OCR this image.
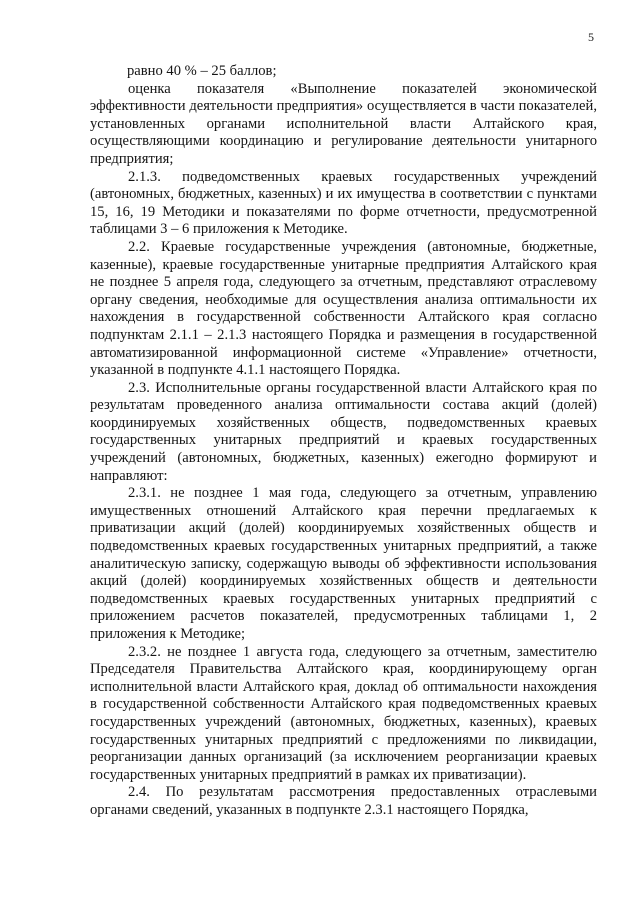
5

равно 40 % – 25 баллов;

оценка показателя «Выполнение показателей экономической эффективности деятельности предприятия» осуществляется в части показателей, установленных органами исполнительной власти Алтайского края, осуществляющими координацию и регулирование деятельности унитарного предприятия;

2.1.3. подведомственных краевых государственных учреждений (автономных, бюджетных, казенных) и их имущества в соответствии с пунктами 15, 16, 19 Методики и показателями по форме отчетности, предусмотренной таблицами 3 – 6 приложения к Методике.

2.2. Краевые государственные учреждения (автономные, бюджетные, казенные), краевые государственные унитарные предприятия Алтайского края не позднее 5 апреля года, следующего за отчетным, представляют отраслевому органу сведения, необходимые для осуществления анализа оптимальности их нахождения в государственной собственности Алтайского края согласно подпунктам 2.1.1 – 2.1.3 настоящего Порядка и размещения в государственной автоматизированной информационной системе «Управление» отчетности, указанной в подпункте 4.1.1 настоящего Порядка.

2.3. Исполнительные органы государственной власти Алтайского края по результатам проведенного анализа оптимальности состава акций (долей) координируемых хозяйственных обществ, подведомственных краевых государственных унитарных предприятий и краевых государственных учреждений (автономных, бюджетных, казенных) ежегодно формируют и направляют:

2.3.1. не позднее 1 мая года, следующего за отчетным, управлению имущественных отношений Алтайского края перечни предлагаемых к приватизации акций (долей) координируемых хозяйственных обществ и подведомственных краевых государственных унитарных предприятий, а также аналитическую записку, содержащую выводы об эффективности использования акций (долей) координируемых хозяйственных обществ и деятельности подведомственных краевых государственных унитарных предприятий с приложением расчетов показателей, предусмотренных таблицами 1, 2 приложения к Методике;

2.3.2. не позднее 1 августа года, следующего за отчетным, заместителю Председателя Правительства Алтайского края, координирующему орган исполнительной власти Алтайского края, доклад об оптимальности нахождения в государственной собственности Алтайского края подведомственных краевых государственных учреждений (автономных, бюджетных, казенных), краевых государственных унитарных предприятий с предложениями по ликвидации, реорганизации данных организаций (за исключением реорганизации краевых государственных унитарных предприятий в рамках их приватизации).

2.4. По результатам рассмотрения предоставленных отраслевыми органами сведений, указанных в подпункте 2.3.1 настоящего Порядка,
